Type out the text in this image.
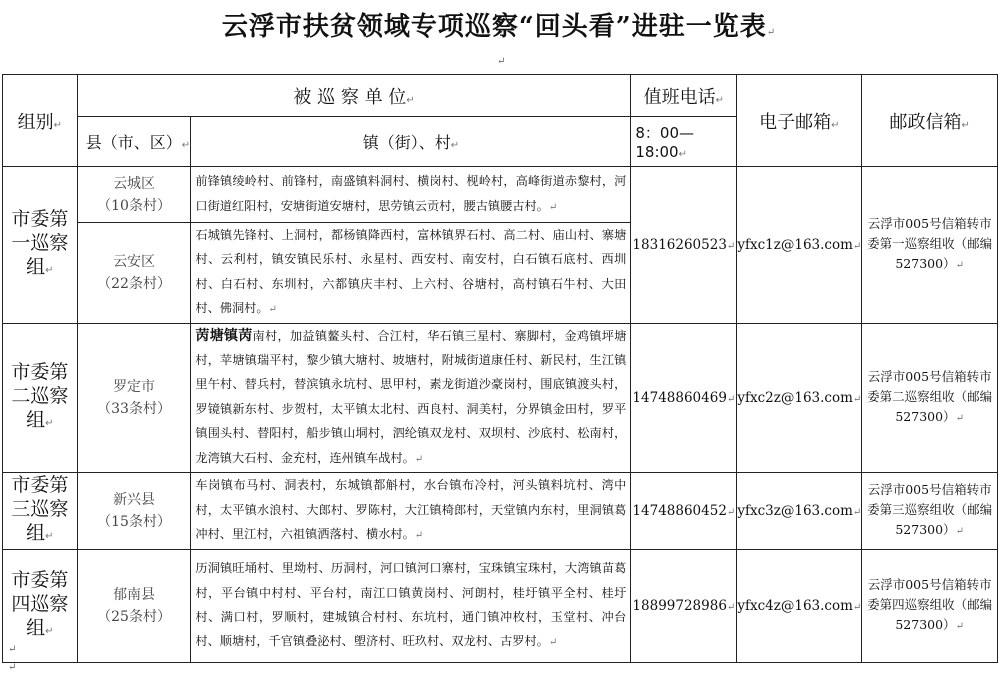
云浮市扶贫领域专项巡察“回头看”进驻一览表↵
↵
组别↵	被 巡 察 单 位↵		值班电话↵	电子邮箱↵	邮政信箱↵
	县（市、区）↵	镇（街）、村↵	8：00—18:00↵		
市委第一巡察组↵	云城区
（10条村）	前锋镇绫岭村、前锋村，南盛镇料洞村、横岗村、枧岭村，高峰街道赤黎村，河口街道红阳村，安塘街道安塘村，思劳镇云贡村，腰古镇腰古村。↵	18316260523↵	yfxc1z@163.com↵	云浮市005号信箱转市委第一巡察组收（邮编527300）↵

	云安区
（22条村）	石城镇先锋村、上洞村，都杨镇降西村，富林镇界石村、高二村、庙山村、寨塘村、云利村，镇安镇民乐村、永星村、西安村、南安村，白石镇石底村、西圳村、白石村、东圳村，六都镇庆丰村、上六村、谷塘村，高村镇石牛村、大田村、佛洞村。↵			
市委第二巡察组↵	罗定市
（33条村）	苪塘镇苪南村，加益镇鳌头村、合江村，华石镇三星村、寨脚村，金鸡镇坪塘村，苹塘镇瑞平村，黎少镇大塘村、坡塘村，附城街道康任村、新民村，生江镇里午村、替兵村，替滨镇永坑村、思甲村，素龙街道沙豪岗村，围底镇渡头村，罗镜镇新东村、步贺村，太平镇太北村、西良村、洞美村，分界镇金田村，罗平镇围头村、替阳村，船步镇山垌村，泗纶镇双龙村、双坝村、沙底村、松南村，龙湾镇大石村、金充村，连州镇车战村。↵	14748860469↵	yfxc2z@163.com↵	云浮市005号信箱转市委第二巡察组收（邮编527300）↵
市委第三巡察组↵	新兴县
（15条村）	车岗镇布马村、洞表村，东城镇都斛村，水台镇布冷村，河头镇料坑村、湾中村，太平镇水浪村、大郎村、罗陈村，大江镇椅郎村，天堂镇内东村，里洞镇葛冲村、里江村，六祖镇洒落村、横水村。↵	14748860452↵	yfxc3z@163.com↵	云浮市005号信箱转市委第三巡察组收（邮编527300）↵
市委第四巡察组↵	郁南县
（25条村）	历洞镇旺埇村、里坳村、历洞村，河口镇河口寨村，宝珠镇宝珠村，大湾镇苗葛村，平台镇中村村、平台村，南江口镇黄岗村、河朗村，桂圩镇平全村、桂圩村、满口村，罗顺村，建城镇合村村、东坑村，通门镇冲枚村，玉堂村、冲台村、顺塘村，千官镇叠泌村、塱济村、旺玖村、双龙村、古罗村。↵	18899728986↵	yfxc4z@163.com↵	云浮市005号信箱转市委第四巡察组收（邮编527300）↵
↵
↵
